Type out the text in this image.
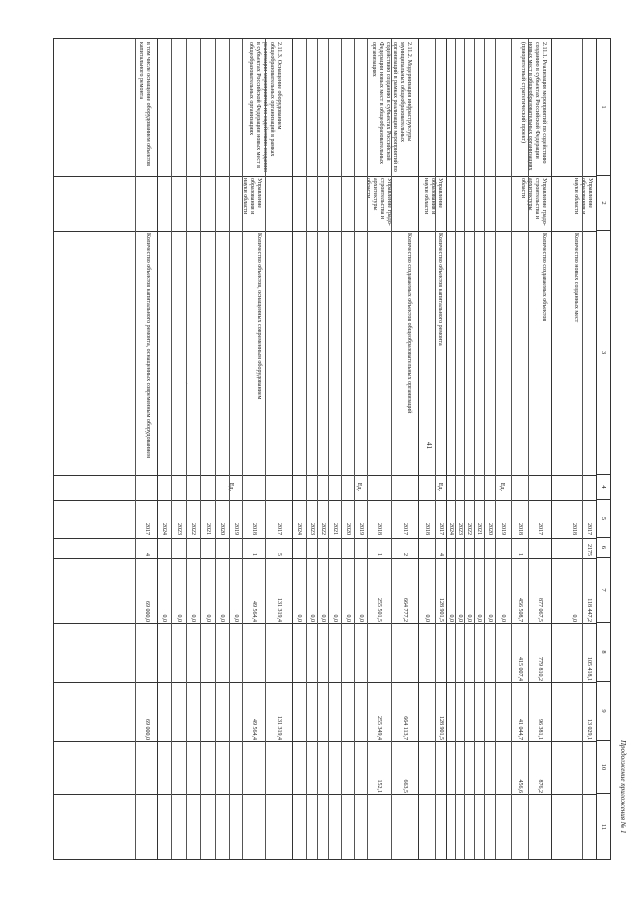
Продолжение приложения № 1
41
~
1
2
3
4
5
6
7
8
9
10
11
Управление образования и науки области
Количество новых созданных мест
2017
2175
118 447,2
105 418,1
13 029,1
2018
0,0
2.11.1. Реализация мероприятий по содействию созданию в субъектах Российской Федерации новых мест в общеобразовательных организациях (приоритетный стратегический проект)
Управление градо-строительства и архитектуры области
Количество создаваемых объектов
Ед.
2017
877 067,5
779 810,2
96 381,1
876,2
2018
1
456 508,7
415 007,4
41 044,7
456,6
2019
0,0
2020
0,0
2021
0,0
2022
0,0
2023
0,0
2024
0,0
Управление образования и науки области
Количество объектов капитального ремонта
Ед.
2017
4
128 901,5
128 901,5
2018
0,0
2.11.2. Модернизация инфраструктуры муниципальных общеобразовательных организаций в рамках реализации мероприятий по содействию созданию в субъектах Российской Федерации новых мест в общеобразовательных организациях
Управление градо-строительства и архитектуры области
Количество создаваемых объектов общеобразовательных организаций
Ед.
2017
2
664 777,2
664 113,7
663,5
2018
1
255 501,5
255 349,4
152,1
2019
0,0
2020
0,0
2021
0,0
2022
0,0
2023
0,0
2024
0,0
2.11.3. Оснащение оборудованием общеобразовательных организаций в рамках реализации мероприятий по содействию созданию в субъектах Российской Федерации новых мест в общеобразовательных организациях
Управление образования и науки области
Количество объектов, оснащенных современным оборудованием
Ед.
2017
5
131 319,4
131 319,4
2018
1
49 564,4
49 564,4
2019
0,0
2020
0,0
2021
0,0
2022
0,0
2023
0,0
2024
0,0
в том числе оснащение оборудованием объектов капитального ремонта
Количество объектов капитального ремонта, оснащенных современным оборудованием
2017
4
69 000,0
69 000,0
